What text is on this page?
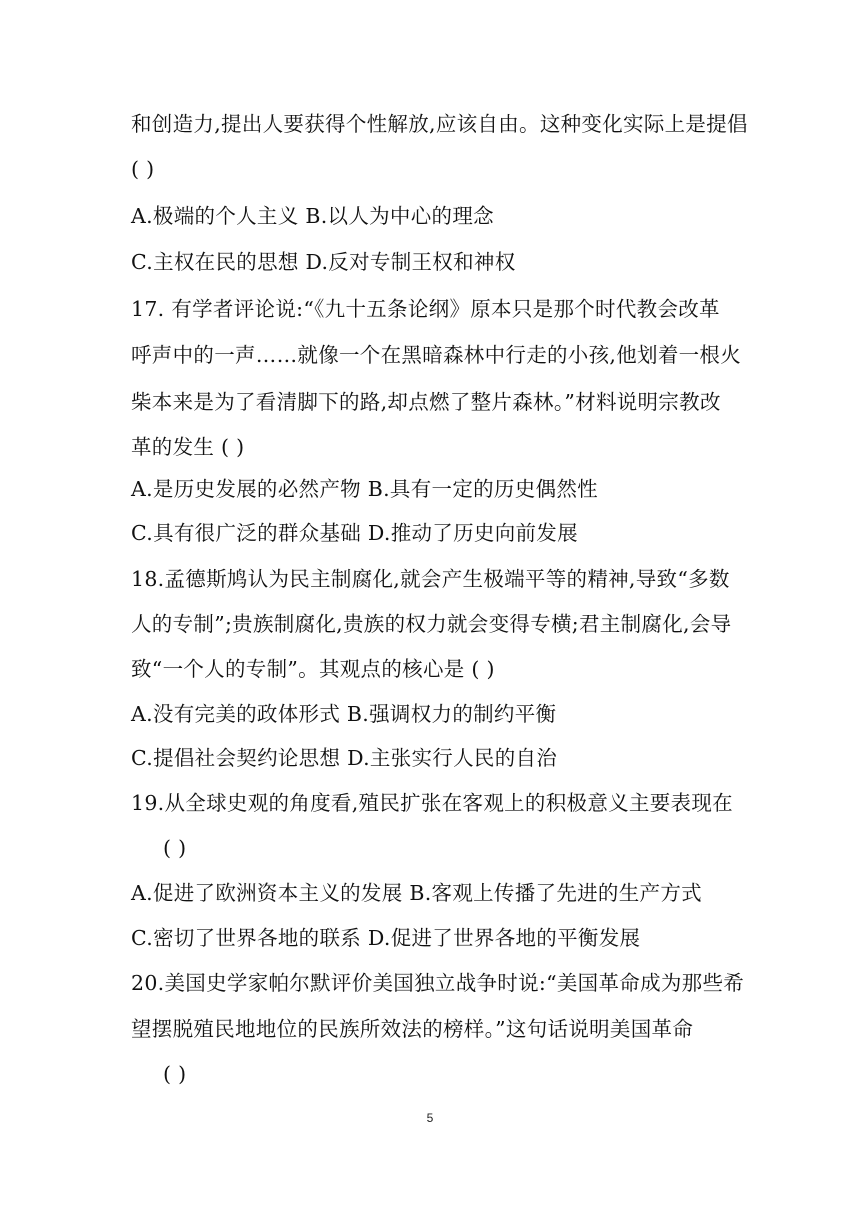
和创造力,提出人要获得个性解放,应该自由。这种变化实际上是提倡
( )
A.极端的个人主义 B.以人为中心的理念
C.主权在民的思想 D.反对专制王权和神权
17. 有学者评论说:“《九十五条论纲》原本只是那个时代教会改革
呼声中的一声……就像一个在黑暗森林中行走的小孩,他划着一根火
柴本来是为了看清脚下的路,却点燃了整片森林。”材料说明宗教改
革的发生 ( )
A.是历史发展的必然产物 B.具有一定的历史偶然性
C.具有很广泛的群众基础 D.推动了历史向前发展
18.孟德斯鸠认为民主制腐化,就会产生极端平等的精神,导致“多数
人的专制”;贵族制腐化,贵族的权力就会变得专横;君主制腐化,会导
致“一个人的专制”。其观点的核心是 ( )
A.没有完美的政体形式 B.强调权力的制约平衡
C.提倡社会契约论思想 D.主张实行人民的自治
19.从全球史观的角度看,殖民扩张在客观上的积极意义主要表现在
( )
A.促进了欧洲资本主义的发展 B.客观上传播了先进的生产方式
C.密切了世界各地的联系 D.促进了世界各地的平衡发展
20.美国史学家帕尔默评价美国独立战争时说:“美国革命成为那些希
望摆脱殖民地地位的民族所效法的榜样。”这句话说明美国革命
( )
5
